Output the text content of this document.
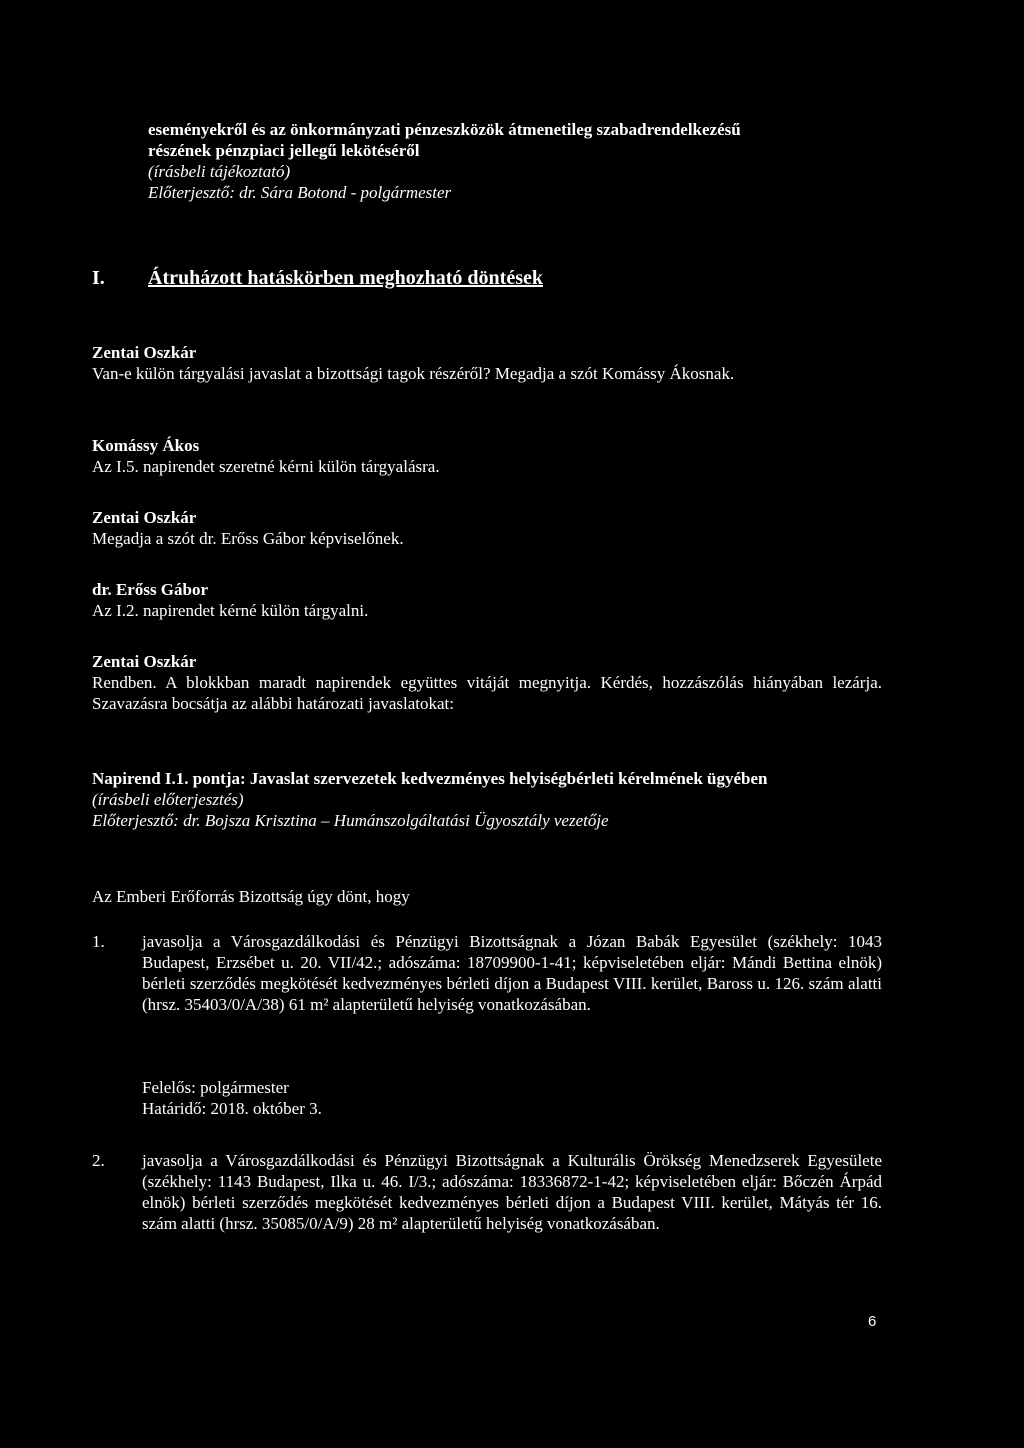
eseményekről és az önkormányzati pénzeszközök átmenetileg szabadrendelkezésű
részének pénzpiaci jellegű lekötéséről
(írásbeli tájékoztató)
Előterjesztő: dr. Sára Botond - polgármester
I. Átruházott hatáskörben meghozható döntések
Zentai Oszkár
Van-e külön tárgyalási javaslat a bizottsági tagok részéről? Megadja a szót Komássy Ákosnak.
Komássy Ákos
Az I.5. napirendet szeretné kérni külön tárgyalásra.
Zentai Oszkár
Megadja a szót dr. Erőss Gábor képviselőnek.
dr. Erőss Gábor
Az I.2. napirendet kérné külön tárgyalni.
Zentai Oszkár
Rendben. A blokkban maradt napirendek együttes vitáját megnyitja. Kérdés, hozzászólás hiányában lezárja. Szavazásra bocsátja az alábbi határozati javaslatokat:
Napirend I.1. pontja: Javaslat szervezetek kedvezményes helyiségbérleti kérelmének ügyében
(írásbeli előterjesztés)
Előterjesztő: dr. Bojsza Krisztina – Humánszolgáltatási Ügyosztály vezetője
Az Emberi Erőforrás Bizottság úgy dönt, hogy
1. javasolja a Városgazdálkodási és Pénzügyi Bizottságnak a Józan Babák Egyesület (székhely: 1043 Budapest, Erzsébet u. 20. VII/42.; adószáma: 18709900-1-41; képviseletében eljár: Mándi Bettina elnök) bérleti szerződés megkötését kedvezményes bérleti díjon a Budapest VIII. kerület, Baross u. 126. szám alatti (hrsz. 35403/0/A/38) 61 m² alapterületű helyiség vonatkozásában.
Felelős: polgármester
Határidő: 2018. október 3.
2. javasolja a Városgazdálkodási és Pénzügyi Bizottságnak a Kulturális Örökség Menedzserek Egyesülete (székhely: 1143 Budapest, Ilka u. 46. I/3.; adószáma: 18336872-1-42; képviseletében eljár: Bőczén Árpád elnök) bérleti szerződés megkötését kedvezményes bérleti díjon a Budapest VIII. kerület, Mátyás tér 16. szám alatti (hrsz. 35085/0/A/9) 28 m² alapterületű helyiség vonatkozásában.
6
